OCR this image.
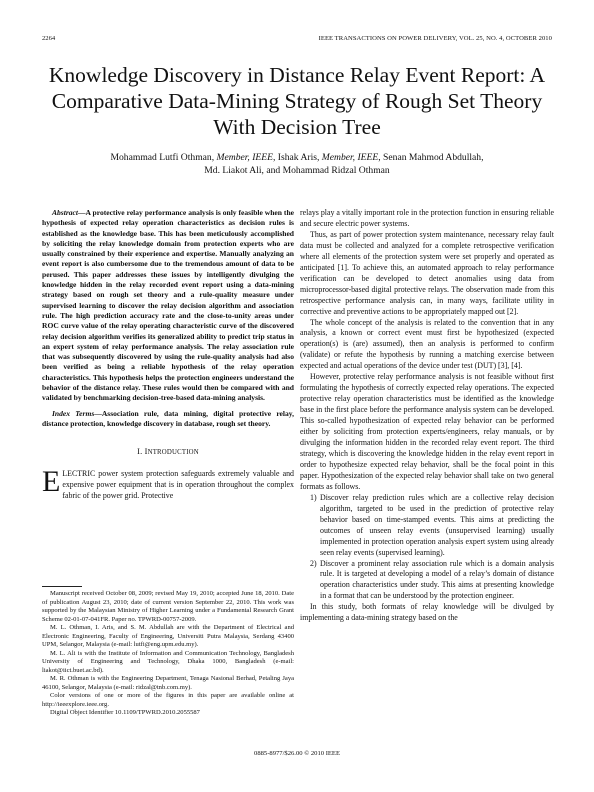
2264	IEEE TRANSACTIONS ON POWER DELIVERY, VOL. 25, NO. 4, OCTOBER 2010
Knowledge Discovery in Distance Relay Event Report: A Comparative Data-Mining Strategy of Rough Set Theory With Decision Tree
Mohammad Lutfi Othman, Member, IEEE, Ishak Aris, Member, IEEE, Senan Mahmod Abdullah,
Md. Liakot Ali, and Mohammad Ridzal Othman

Abstract—A protective relay performance analysis is only feasible when the hypothesis of expected relay operation characteristics as decision rules is established as the knowledge base. This has been meticulously accomplished by soliciting the relay knowledge domain from protection experts who are usually constrained by their experience and expertise. Manually analyzing an event report is also cumbersome due to the tremendous amount of data to be perused. This paper addresses these issues by intelligently divulging the knowledge hidden in the relay recorded event report using a data-mining strategy based on rough set theory and a rule-quality measure under supervised learning to discover the relay decision algorithm and association rule. The high prediction accuracy rate and the close-to-unity areas under ROC curve value of the relay operating characteristic curve of the discovered relay decision algorithm verifies its generalized ability to predict trip status in an expert system of relay performance analysis. The relay association rule that was subsequently discovered by using the rule-quality analysis had also been verified as being a reliable hypothesis of the relay operation characteristics. This hypothesis helps the protection engineers understand the behavior of the distance relay. These rules would then be compared with and validated by benchmarking decision-tree-based data-mining analysis.

Index Terms—Association rule, data mining, digital protective relay, distance protection, knowledge discovery in database, rough set theory.

I. INTRODUCTION

ELECTRIC power system protection safeguards extremely valuable and expensive power equipment that is in operation throughout the complex fabric of the power grid. Protective

Manuscript received October 08, 2009; revised May 19, 2010; accepted June 18, 2010. Date of publication August 23, 2010; date of current version September 22, 2010. This work was supported by the Malaysian Ministry of Higher Learning under a Fundamental Research Grant Scheme 02-01-07-041FR. Paper no. TPWRD-00757-2009.

M. L. Othman, I. Aris, and S. M. Abdullah are with the Department of Electrical and Electronic Engineering, Faculty of Engineering, Universiti Putra Malaysia, Serdang 43400 UPM, Selangor, Malaysia (e-mail: lutfi@eng.upm.edu.my).

M. L. Ali is with the Institute of Information and Communication Technology, Bangladesh University of Engineering and Technology, Dhaka 1000, Bangladesh (e-mail: liakot@iict.buet.ac.bd).

M. R. Othman is with the Engineering Department, Tenaga Nasional Berhad, Petaling Jaya 46100, Selangor, Malaysia (e-mail: ridzal@tnb.com.my).

Color versions of one or more of the figures in this paper are available online at http://ieeexplore.ieee.org.

Digital Object Identifier 10.1109/TPWRD.2010.2055587

relays play a vitally important role in the protection function in ensuring reliable and secure electric power systems.

Thus, as part of power protection system maintenance, necessary relay fault data must be collected and analyzed for a complete retrospective verification where all elements of the protection system were set properly and operated as anticipated [1]. To achieve this, an automated approach to relay performance verification can be developed to detect anomalies using data from microprocessor-based digital protective relays. The observation made from this retrospective performance analysis can, in many ways, facilitate utility in corrective and preventive actions to be appropriately mapped out [2].

The whole concept of the analysis is related to the convention that in any analysis, a known or correct event must first be hypothesized (expected operation(s) is (are) assumed), then an analysis is performed to confirm (validate) or refute the hypothesis by running a matching exercise between expected and actual operations of the device under test (DUT) [3], [4].

However, protective relay performance analysis is not feasible without first formulating the hypothesis of correctly expected relay operations. The expected protective relay operation characteristics must be identified as the knowledge base in the first place before the performance analysis system can be developed. This so-called hypothesization of expected relay behavior can be performed either by soliciting from protection experts/engineers, relay manuals, or by divulging the information hidden in the recorded relay event report. The third strategy, which is discovering the knowledge hidden in the relay event report in order to hypothesize expected relay behavior, shall be the focal point in this paper. Hypothesization of the expected relay behavior shall take on two general formats as follows.

1) Discover relay prediction rules which are a collective relay decision algorithm, targeted to be used in the prediction of protective relay behavior based on time-stamped events. This aims at predicting the outcomes of unseen relay events (unsupervised learning) usually implemented in protection operation analysis expert system using already seen relay events (supervised learning).
2) Discover a prominent relay association rule which is a domain analysis rule. It is targeted at developing a model of a relay’s domain of distance operation characteristics under study. This aims at presenting knowledge in a format that can be understood by the protection engineer.

In this study, both formats of relay knowledge will be divulged by implementing a data-mining strategy based on the

0885-8977/$26.00 © 2010 IEEE
